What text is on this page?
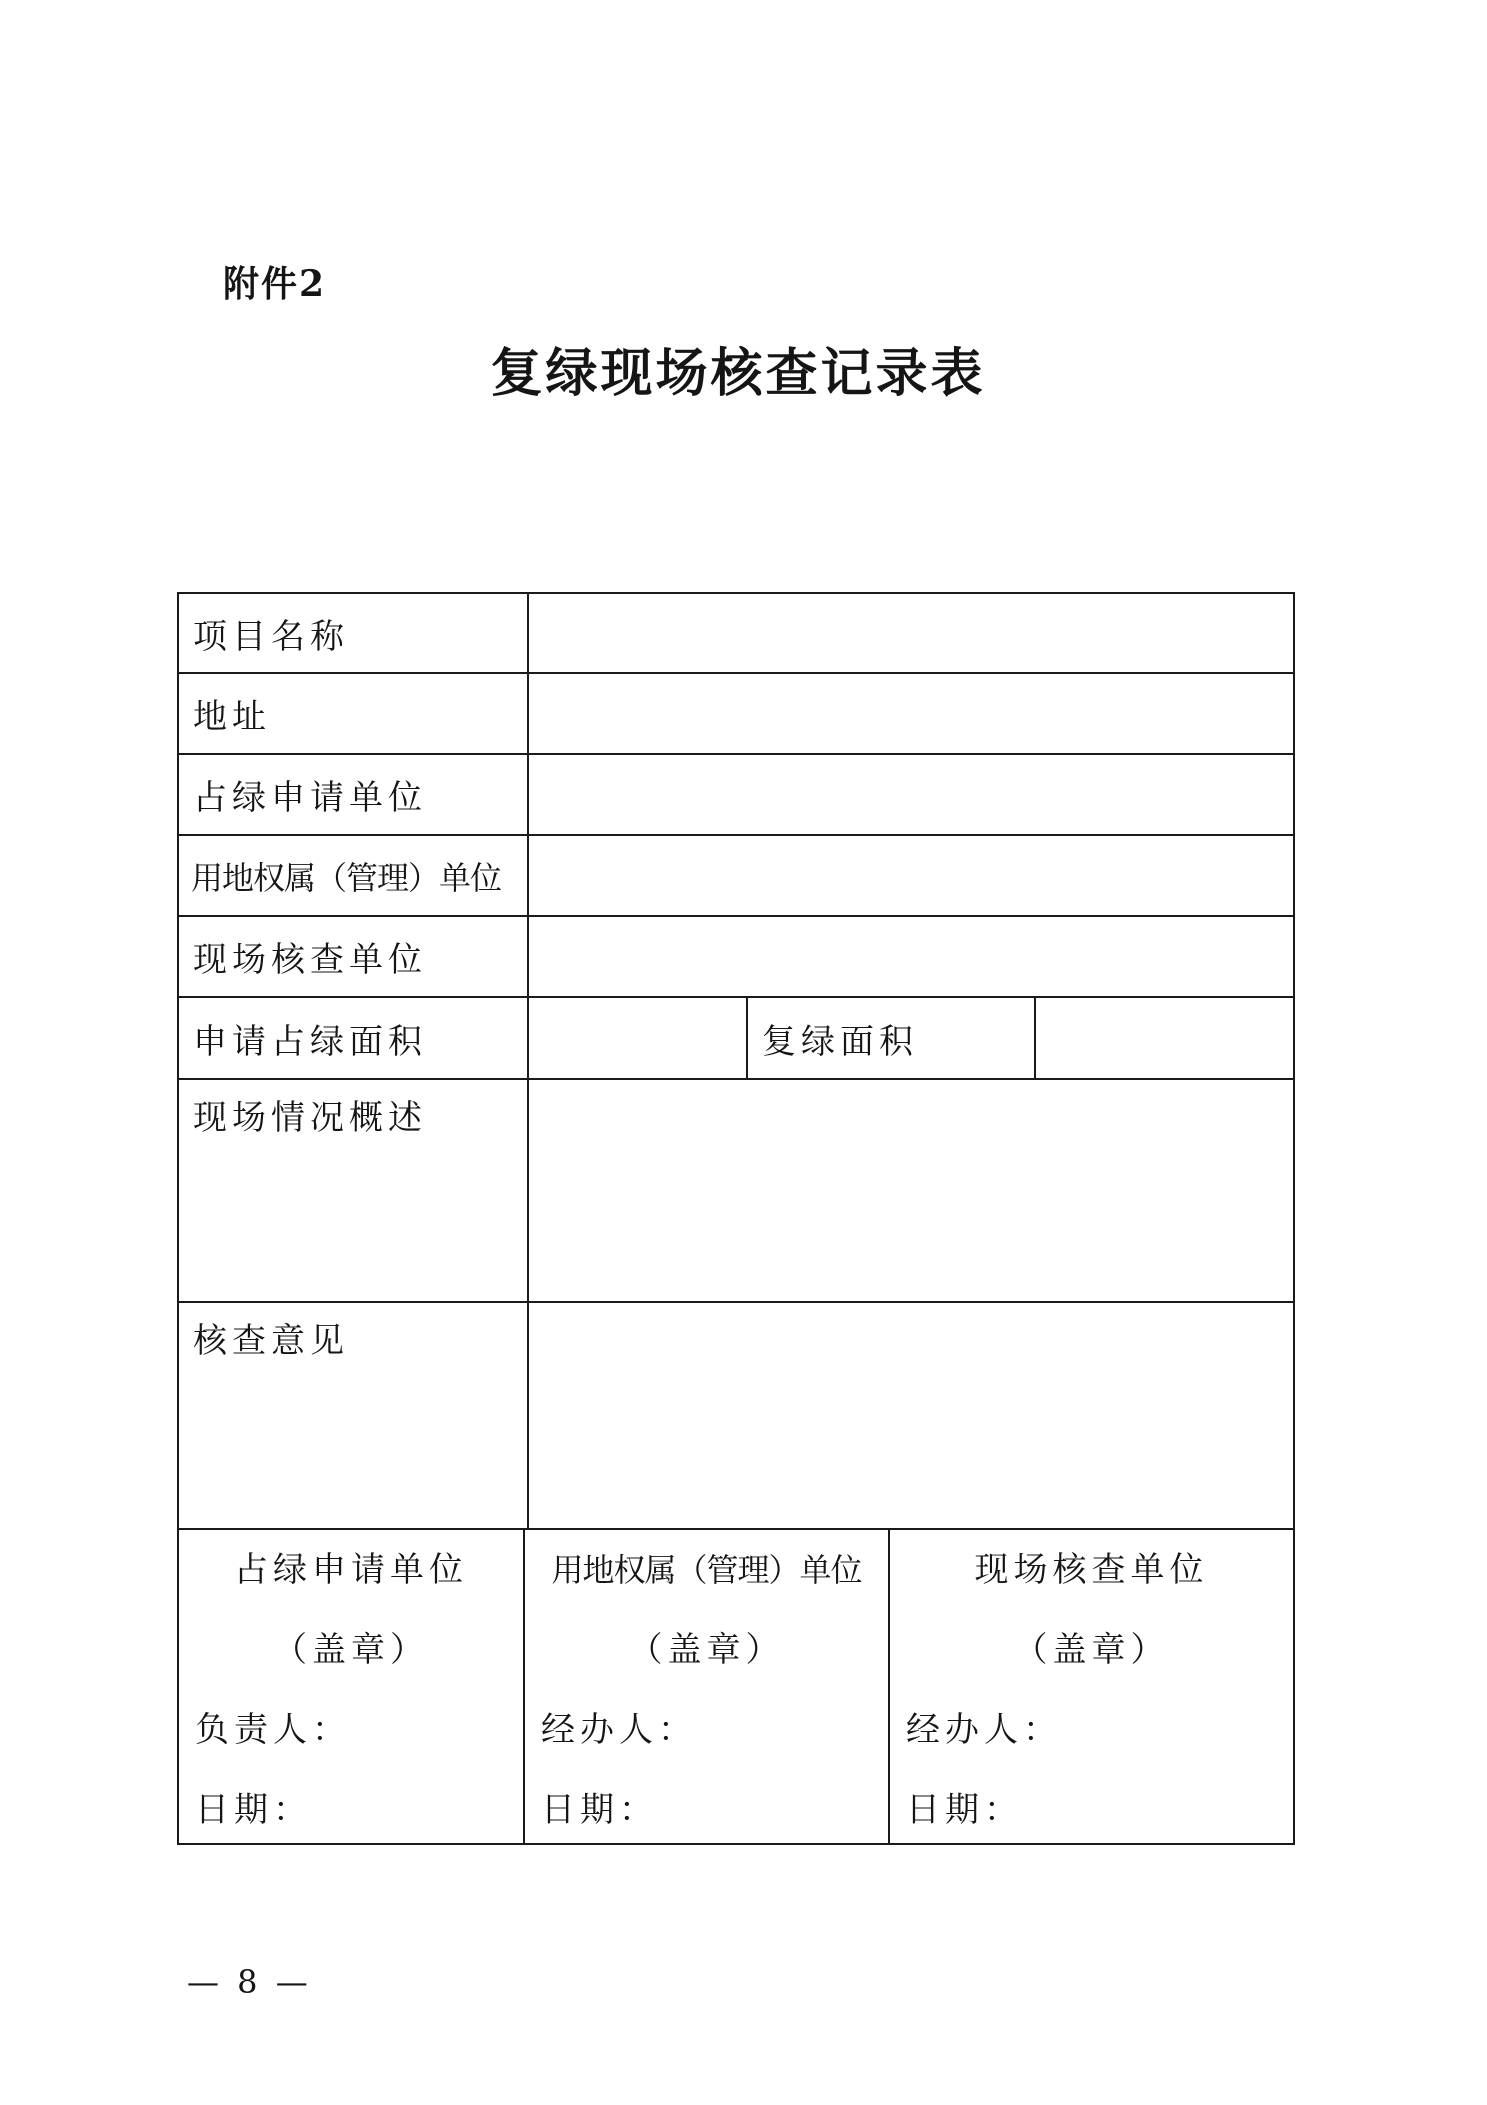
附件2
复绿现场核查记录表
项目名称
地址
占绿申请单位
用地权属（管理）单位
现场核查单位
申请占绿面积	复绿面积
现场情况概述
核查意见
占绿申请单位
（盖章）
负责人：
日期：
用地权属（管理）单位
（盖章）
经办人：
日期：
现场核查单位
（盖章）
经办人：
日期：
— 8 —
